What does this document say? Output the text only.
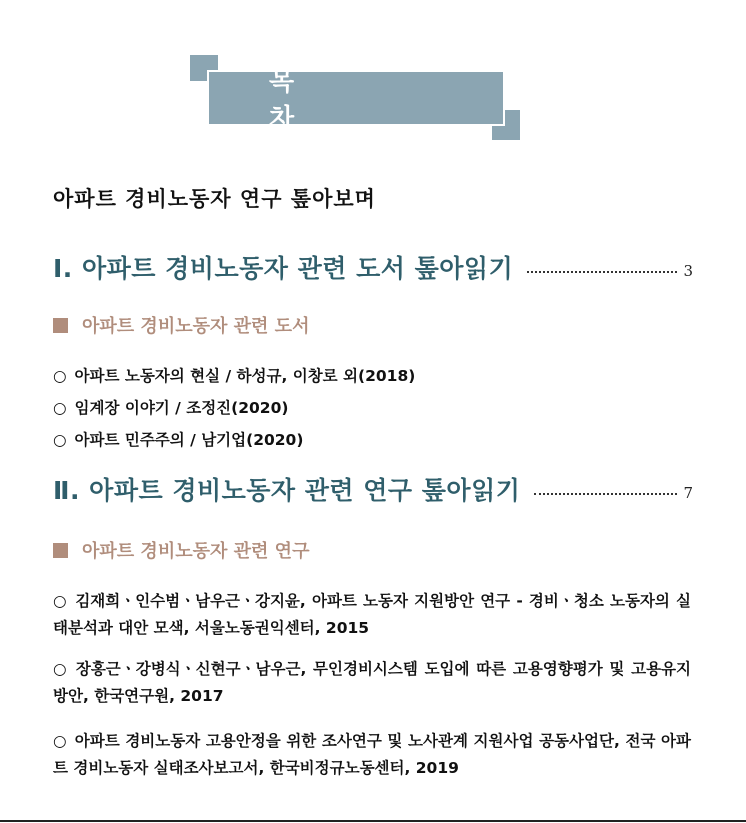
목 차
아파트 경비노동자 연구 톺아보며
Ⅰ. 아파트 경비노동자 관련 도서 톺아읽기	3
아파트 경비노동자 관련 도서
○ 아파트 노동자의 현실 / 하성규, 이창로 외(2018)
○ 임계장 이야기 / 조정진(2020)
○ 아파트 민주주의 / 남기업(2020)
Ⅱ. 아파트 경비노동자 관련 연구 톺아읽기	7
아파트 경비노동자 관련 연구
○ 김재희ㆍ인수범ㆍ남우근ㆍ강지윤, 아파트 노동자 지원방안 연구 - 경비ㆍ청소 노동자의 실태분석과 대안 모색, 서울노동권익센터, 2015
○ 장홍근ㆍ강병식ㆍ신현구ㆍ남우근, 무인경비시스템 도입에 따른 고용영향평가 및 고용유지방안, 한국연구원, 2017
○ 아파트 경비노동자 고용안정을 위한 조사연구 및 노사관계 지원사업 공동사업단, 전국 아파트 경비노동자 실태조사보고서, 한국비정규노동센터, 2019
